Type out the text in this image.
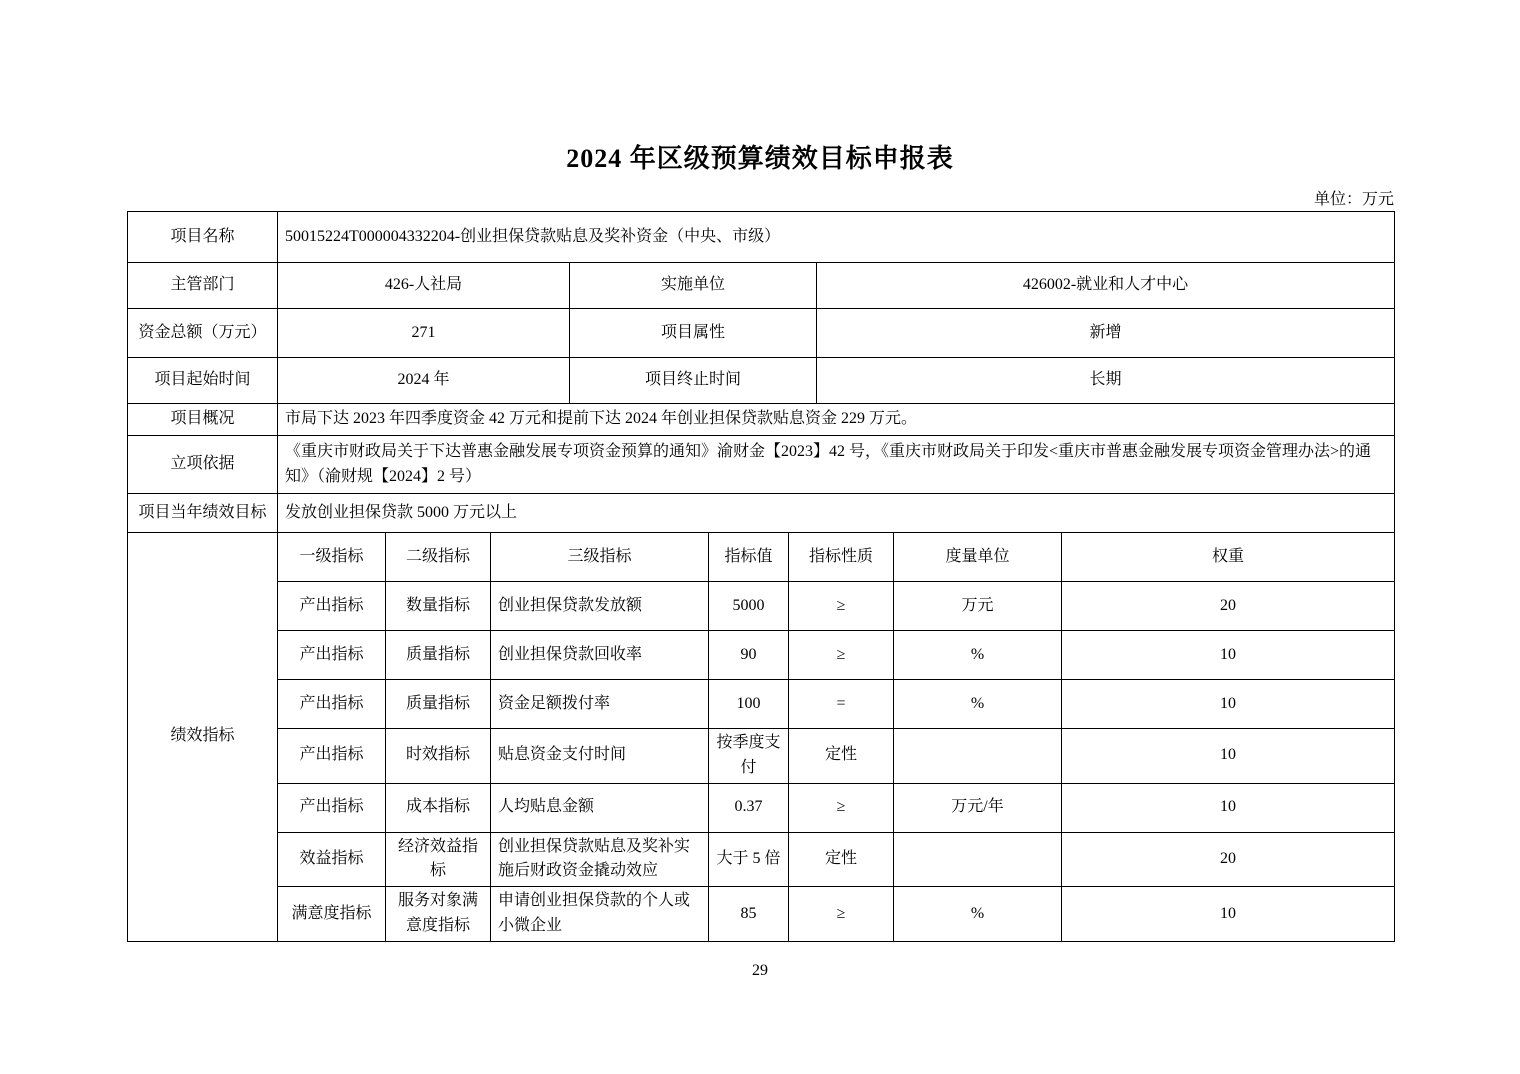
2024 年区级预算绩效目标申报表
单位：万元
项目名称	50015224T000004332204-创业担保贷款贴息及奖补资金（中央、市级）		
主管部门	426-人社局	实施单位	426002-就业和人才中心
资金总额（万元）	271	项目属性	新增
项目起始时间	2024 年	项目终止时间	长期
项目概况	市局下达 2023 年四季度资金 42 万元和提前下达 2024 年创业担保贷款贴息资金 229 万元。		
立项依据	《重庆市财政局关于下达普惠金融发展专项资金预算的通知》渝财金【2023】42 号，《重庆市财政局关于印发<重庆市普惠金融发展专项资金管理办法>的通知》（渝财规【2024】2 号）		
项目当年绩效目标	发放创业担保贷款 5000 万元以上		
绩效指标	一级指标	二级指标	三级指标	指标值	指标性质	度量单位	权重
	产出指标	数量指标	创业担保贷款发放额	5000	≥	万元	20
	产出指标	质量指标	创业担保贷款回收率	90	≥	%	10
	产出指标	质量指标	资金足额拨付率	100	=	%	10
	产出指标	时效指标	贴息资金支付时间	按季度支付	定性		10
	产出指标	成本指标	人均贴息金额	0.37	≥	万元/年	10
	效益指标	经济效益指标	创业担保贷款贴息及奖补实施后财政资金撬动效应	大于 5 倍	定性		20
	满意度指标	服务对象满意度指标	申请创业担保贷款的个人或小微企业	85	≥	%	10
29
